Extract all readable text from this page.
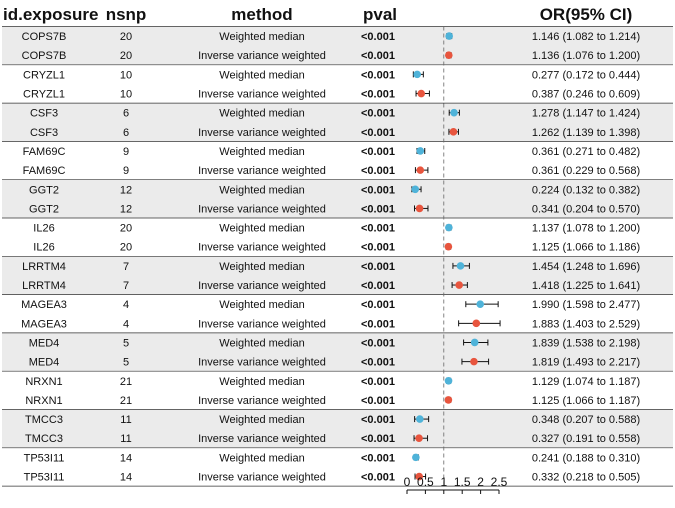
id.exposure nsnp	method	pval	OR(95% CI)
COPS7B	20	Weighted median	<0.001	1.146 (1.082 to 1.214)
COPS7B	20	Inverse variance weighted	<0.001	1.136 (1.076 to 1.200)
CRYZL1	10	Weighted median	<0.001	0.277 (0.172 to 0.444)
CRYZL1	10	Inverse variance weighted	<0.001	0.387 (0.246 to 0.609)
CSF3	6	Weighted median	<0.001	1.278 (1.147 to 1.424)
CSF3	6	Inverse variance weighted	<0.001	1.262 (1.139 to 1.398)
FAM69C	9	Weighted median	<0.001	0.361 (0.271 to 0.482)
FAM69C	9	Inverse variance weighted	<0.001	0.361 (0.229 to 0.568)
GGT2	12	Weighted median	<0.001	0.224 (0.132 to 0.382)
GGT2	12	Inverse variance weighted	<0.001	0.341 (0.204 to 0.570)
IL26	20	Weighted median	<0.001	1.137 (1.078 to 1.200)
IL26	20	Inverse variance weighted	<0.001	1.125 (1.066 to 1.186)
LRRTM4	7	Weighted median	<0.001	1.454 (1.248 to 1.696)
LRRTM4	7	Inverse variance weighted	<0.001	1.418 (1.225 to 1.641)
MAGEA3	4	Weighted median	<0.001	1.990 (1.598 to 2.477)
MAGEA3	4	Inverse variance weighted	<0.001	1.883 (1.403 to 2.529)
MED4	5	Weighted median	<0.001	1.839 (1.538 to 2.198)
MED4	5	Inverse variance weighted	<0.001	1.819 (1.493 to 2.217)
NRXN1	21	Weighted median	<0.001	1.129 (1.074 to 1.187)
NRXN1	21	Inverse variance weighted	<0.001	1.125 (1.066 to 1.187)
TMCC3	11	Weighted median	<0.001	0.348 (0.207 to 0.588)
TMCC3	11	Inverse variance weighted	<0.001	0.327 (0.191 to 0.558)
TP53I11	14	Weighted median	<0.001	0.241 (0.188 to 0.310)
TP53I11	14	Inverse variance weighted	<0.001	0.332 (0.218 to 0.505)
0 0.5 1 1.5 2 2.5
